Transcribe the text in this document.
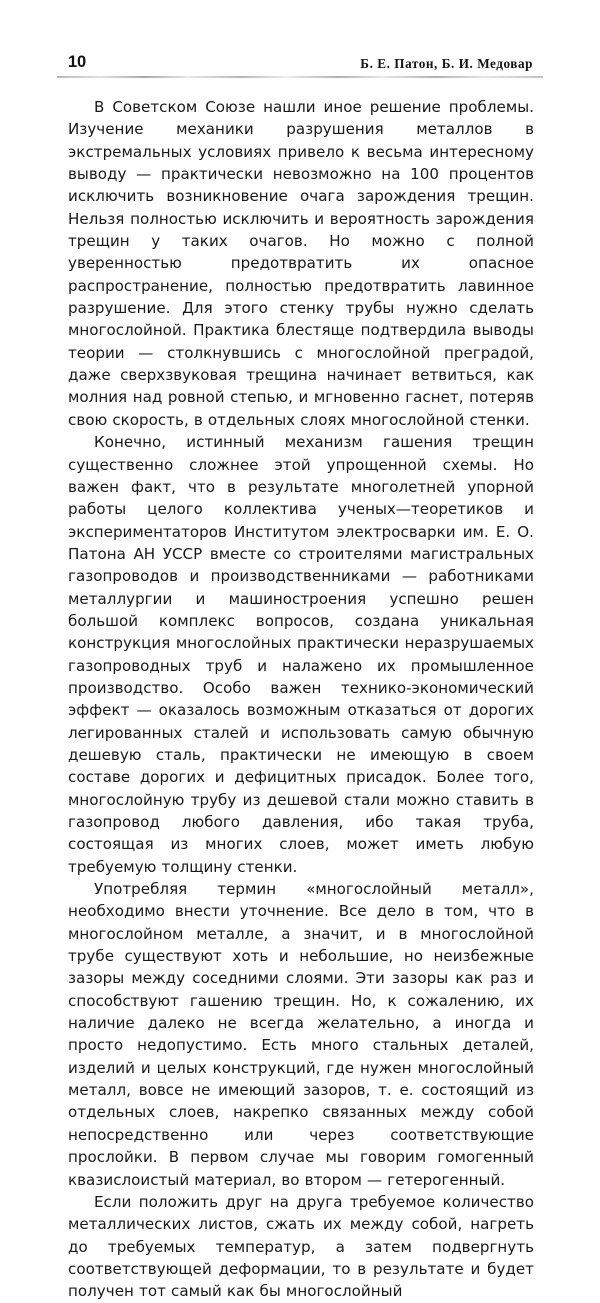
10	Б. Е. Патон, Б. И. Медовар

В Советском Союзе нашли иное решение проблемы. Изучение механики разрушения металлов в экстремальных условиях привело к весьма интересному выводу — практически невозможно на 100 процентов исключить возникновение очага зарождения трещин. Нельзя полностью исключить и вероятность зарождения трещин у таких очагов. Но можно с полной уверенностью предотвратить их опасное распространение, полностью предотвратить лавинное разрушение. Для этого стенку трубы нужно сделать многослойной. Практика блестяще подтвердила выводы теории — столкнувшись с многослойной преградой, даже сверхзвуковая трещина начинает ветвиться, как молния над ровной степью, и мгновенно гаснет, потеряв свою скорость, в отдельных слоях многослойной стенки.

Конечно, истинный механизм гашения трещин существенно сложнее этой упрощенной схемы. Но важен факт, что в результате многолетней упорной работы целого коллектива ученых—теоретиков и экспериментаторов Институтом электросварки им. Е. О. Патона АН УССР вместе со строителями магистральных газопроводов и производственниками — работниками металлургии и машиностроения успешно решен большой комплекс вопросов, создана уникальная конструкция многослойных практически неразрушаемых газопроводных труб и налажено их промышленное производство. Особо важен технико-экономический эффект — оказалось возможным отказаться от дорогих легированных сталей и использовать самую обычную дешевую сталь, практически не имеющую в своем составе дорогих и дефицитных присадок. Более того, многослойную трубу из дешевой стали можно ставить в газопровод любого давления, ибо такая труба, состоящая из многих слоев, может иметь любую требуемую толщину стенки.

Употребляя термин «многослойный металл», необходимо внести уточнение. Все дело в том, что в многослойном металле, а значит, и в многослойной трубе существуют хоть и небольшие, но неизбежные зазоры между соседними слоями. Эти зазоры как раз и способствуют гашению трещин. Но, к сожалению, их наличие далеко не всегда желательно, а иногда и просто недопустимо. Есть много стальных деталей, изделий и целых конструкций, где нужен многослойный металл, вовсе не имеющий зазоров, т. е. состоящий из отдельных слоев, накрепко связанных между собой непосредственно или через соответствующие прослойки. В первом случае мы говорим гомогенный квазислоистый материал, во втором — гетерогенный.

Если положить друг на друга требуемое количество металлических листов, сжать их между собой, нагреть до требуемых температур, а затем подвергнуть соответствующей деформации, то в результате и будет получен тот самый как бы многослойный
